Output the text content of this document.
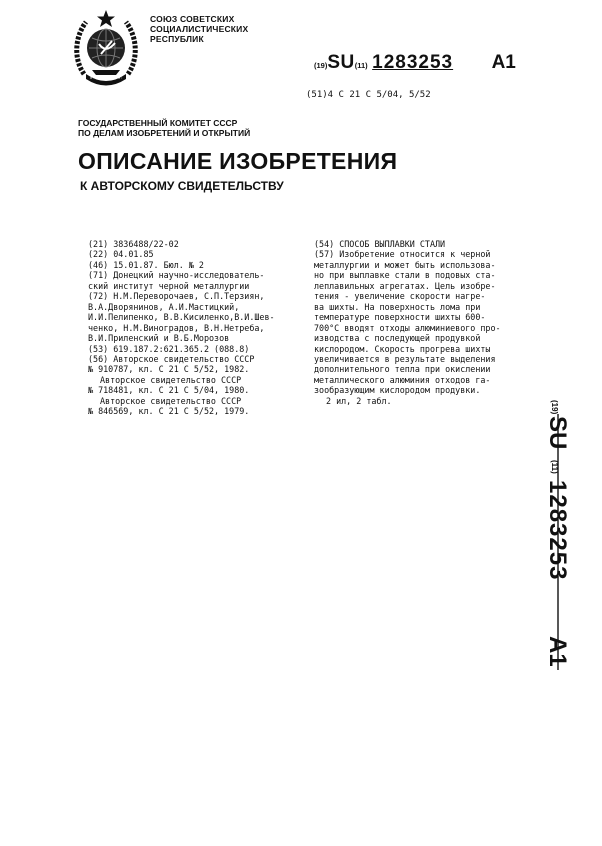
СОЮЗ СОВЕТСКИХ
СОЦИАЛИСТИЧЕСКИХ
РЕСПУБЛИК
(19)SU(11) 1283253 A1
(51)4 С 21 С 5/04, 5/52
ГОСУДАРСТВЕННЫЙ КОМИТЕТ СССР
ПО ДЕЛАМ ИЗОБРЕТЕНИЙ И ОТКРЫТИЙ
ОПИСАНИЕ ИЗОБРЕТЕНИЯ
К АВТОРСКОМУ СВИДЕТЕЛЬСТВУ
(21) 3836488/22-02
(22) 04.01.85
(46) 15.01.87. Бюл. № 2
(71) Донецкий научно-исследователь-
ский институт черной металлургии
(72) Н.М.Переворочаев, С.П.Терзиян,
В.А.Дворянинов, А.И.Мастицкий,
И.И.Пелипенко, В.В.Кисиленко,В.И.Шев-
ченко, Н.М.Виноградов, В.Н.Нетреба,
В.И.Приленский и В.Б.Морозов
(53) 619.187.2:621.365.2 (088.8)
(56) Авторское свидетельство СССР
№ 910787, кл. С 21 С 5/52, 1982.
Авторское свидетельство СССР
№ 718481, кл. С 21 С 5/04, 1980.
Авторское свидетельство СССР
№ 846569, кл. С 21 С 5/52, 1979.
(54) СПОСОБ ВЫПЛАВКИ СТАЛИ
(57) Изобретение относится к черной
металлургии и может быть использова-
но при выплавке стали в подовых ста-
леплавильных агрегатах. Цель изобре-
тения - увеличение скорости нагре-
ва шихты. На поверхность лома при
температуре поверхности шихты 600-
700°С вводят отходы алюминиевого про-
изводства с последующей продувкой
кислородом. Скорость прогрева шихты
увеличивается в результате выделения
дополнительного тепла при окислении
металлического алюминия отходов га-
зообразующим кислородом продувки.
2 ил, 2 табл.	(19)
SU
(11)
1283253
A1
